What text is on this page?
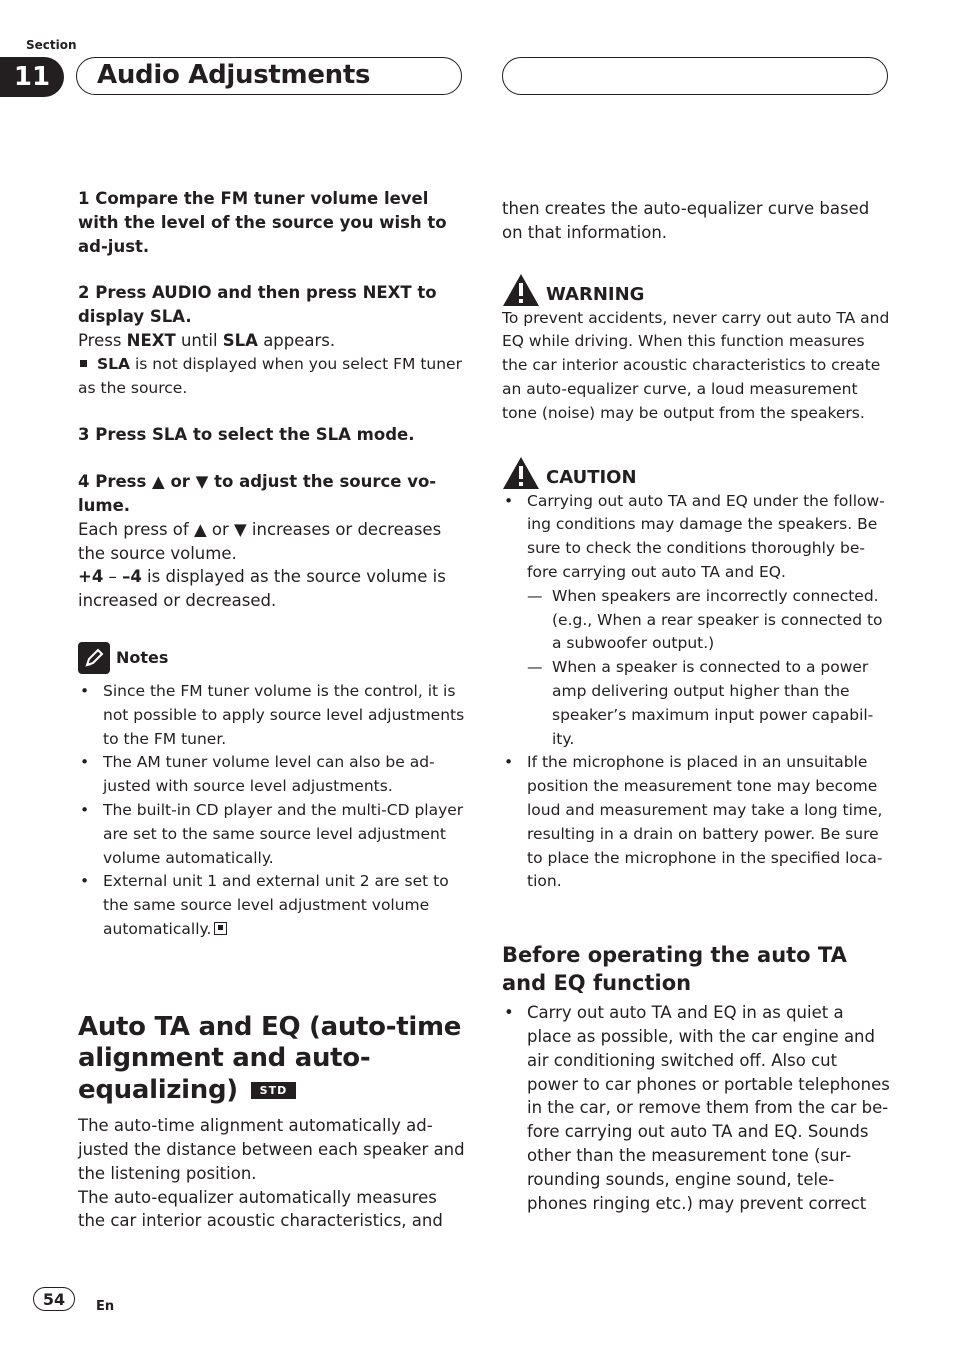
Section
11	Audio Adjustments

1 Compare the FM tuner volume level with the level of the source you wish to ad-just.

2 Press AUDIO and then press NEXT to display SLA.

Press NEXT until SLA appears.

SLA is not displayed when you select FM tuner as the source.

3 Press SLA to select the SLA mode.

4 Press ▲ or ▼ to adjust the source vo-lume.

Each press of ▲ or ▼ increases or decreases the source volume.

+4 – –4 is displayed as the source volume is increased or decreased.

Notes
• Since the FM tuner volume is the control, it is not possible to apply source level adjustments to the FM tuner.
• The AM tuner volume level can also be ad-justed with source level adjustments.
• The built-in CD player and the multi-CD player are set to the same source level adjustment volume automatically.
• External unit 1 and external unit 2 are set to the same source level adjustment volume automatically.
Auto TA and EQ (auto-time alignment and auto-equalizing) STD

The auto-time alignment automatically ad-justed the distance between each speaker and the listening position.

The auto-equalizer automatically measures the car interior acoustic characteristics, and

then creates the auto-equalizer curve based on that information.

WARNING

To prevent accidents, never carry out auto TA and EQ while driving. When this function measures the car interior acoustic characteristics to create an auto-equalizer curve, a loud measurement tone (noise) may be output from the speakers.

CAUTION
• Carrying out auto TA and EQ under the follow-ing conditions may damage the speakers. Be sure to check the conditions thoroughly be-fore carrying out auto TA and EQ.
— When speakers are incorrectly connected. (e.g., When a rear speaker is connected to a subwoofer output.)
— When a speaker is connected to a power amp delivering output higher than the speaker’s maximum input power capabil-ity.
• If the microphone is placed in an unsuitable position the measurement tone may become loud and measurement may take a long time, resulting in a drain on battery power. Be sure to place the microphone in the specified loca-tion.
Before operating the auto TA and EQ function
• Carry out auto TA and EQ in as quiet a place as possible, with the car engine and air conditioning switched off. Also cut power to car phones or portable telephones in the car, or remove them from the car be-fore carrying out auto TA and EQ. Sounds other than the measurement tone (sur-rounding sounds, engine sound, tele-phones ringing etc.) may prevent correct
54	En
